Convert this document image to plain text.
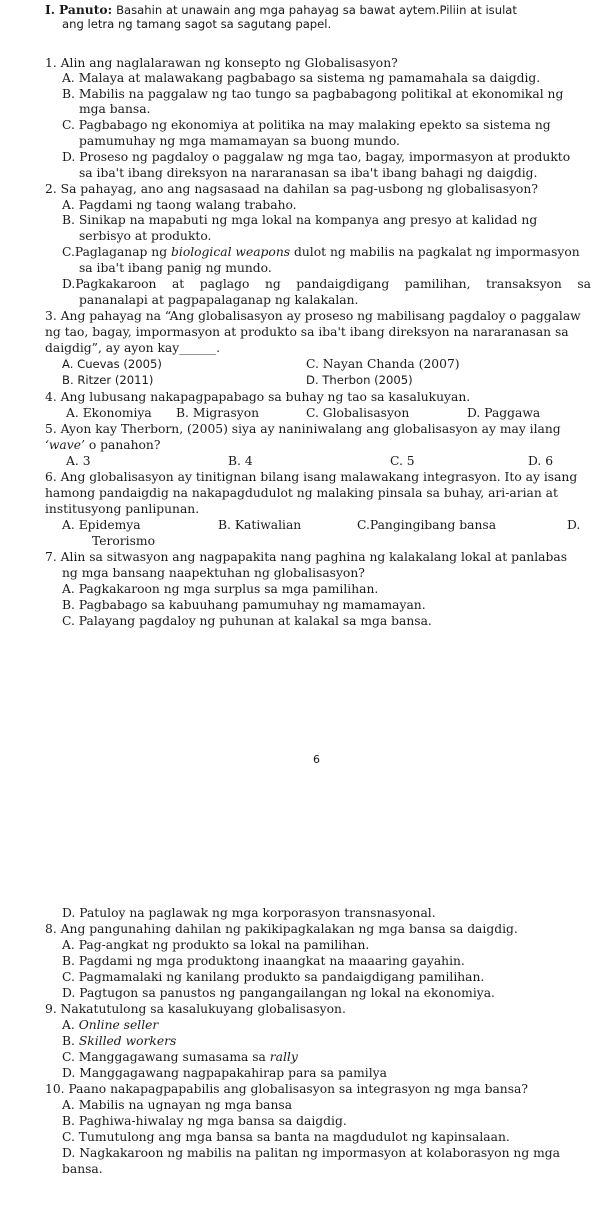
I. Panuto: Basahin at unawain ang mga pahayag sa bawat aytem.Piliin at isulat
ang letra ng tamang sagot sa sagutang papel.
1. Alin ang naglalarawan ng konsepto ng Globalisasyon?
A. Malaya at malawakang pagbabago sa sistema ng pamamahala sa daigdig.
B. Mabilis na paggalaw ng tao tungo sa pagbabagong politikal at ekonomikal ng
mga bansa.
C. Pagbabago ng ekonomiya at politika na may malaking epekto sa sistema ng
pamumuhay ng mga mamamayan sa buong mundo.
D. Proseso ng pagdaloy o paggalaw ng mga tao, bagay, impormasyon at produkto
sa iba't ibang direksyon na nararanasan sa iba't ibang bahagi ng daigdig.
2. Sa pahayag, ano ang nagsasaad na dahilan sa pag-usbong ng globalisasyon?
A. Pagdami ng taong walang trabaho.
B. Sinikap na mapabuti ng mga lokal na kompanya ang presyo at kalidad ng
serbisyo at produkto.
C.Paglaganap ng biological weapons dulot ng mabilis na pagkalat ng impormasyon
sa iba't ibang panig ng mundo.
D.Pagkakaroon at paglago ng pandaigdigang pamilihan, transaksyon sa
pananalapi at pagpapalaganap ng kalakalan.
3. Ang pahayag na “Ang globalisasyon ay proseso ng mabilisang pagdaloy o paggalaw
ng tao, bagay, impormasyon at produkto sa iba't ibang direksyon na nararanasan sa
daigdig”, ay ayon kay______.
A. Cuevas (2005)	C. Nayan Chanda (2007)
B. Ritzer (2011)	D. Therbon (2005)
4. Ang lubusang nakapagpapabago sa buhay ng tao sa kasalukuyan.
A. Ekonomiya B. Migrasyon	C. Globalisasyon	D. Paggawa
5. Ayon kay Therborn, (2005) siya ay naniniwalang ang globalisasyon ay may ilang
‘wave’ o panahon?
A. 3	B. 4	C. 5	D. 6
6. Ang globalisasyon ay tinitignan bilang isang malawakang integrasyon. Ito ay isang
hamong pandaigdig na nakapagdudulot ng malaking pinsala sa buhay, ari-arian at
institusyong panlipunan.
A. Epidemya	B. Katiwalian	C.Pangingibang bansa	D.
Terorismo
7. Alin sa sitwasyon ang nagpapakita nang paghina ng kalakalang lokal at panlabas
ng mga bansang naapektuhan ng globalisasyon?
A. Pagkakaroon ng mga surplus sa mga pamilihan.
B. Pagbabago sa kabuuhang pamumuhay ng mamamayan.
C. Palayang pagdaloy ng puhunan at kalakal sa mga bansa.
6
D. Patuloy na paglawak ng mga korporasyon transnasyonal.
8. Ang pangunahing dahilan ng pakikipagkalakan ng mga bansa sa daigdig.
A. Pag-angkat ng produkto sa lokal na pamilihan.
B. Pagdami ng mga produktong inaangkat na maaaring gayahin.
C. Pagmamalaki ng kanilang produkto sa pandaigdigang pamilihan.
D. Pagtugon sa panustos ng pangangailangan ng lokal na ekonomiya.
9. Nakatutulong sa kasalukuyang globalisasyon.
A. Online seller
B. Skilled workers
C. Manggagawang sumasama sa rally
D. Manggagawang nagpapakahirap para sa pamilya
10. Paano nakapagpapabilis ang globalisasyon sa integrasyon ng mga bansa?
A. Mabilis na ugnayan ng mga bansa
B. Paghiwa-hiwalay ng mga bansa sa daigdig.
C. Tumutulong ang mga bansa sa banta na magdudulot ng kapinsalaan.
D. Nagkakaroon ng mabilis na palitan ng impormasyon at kolaborasyon ng mga
bansa.
